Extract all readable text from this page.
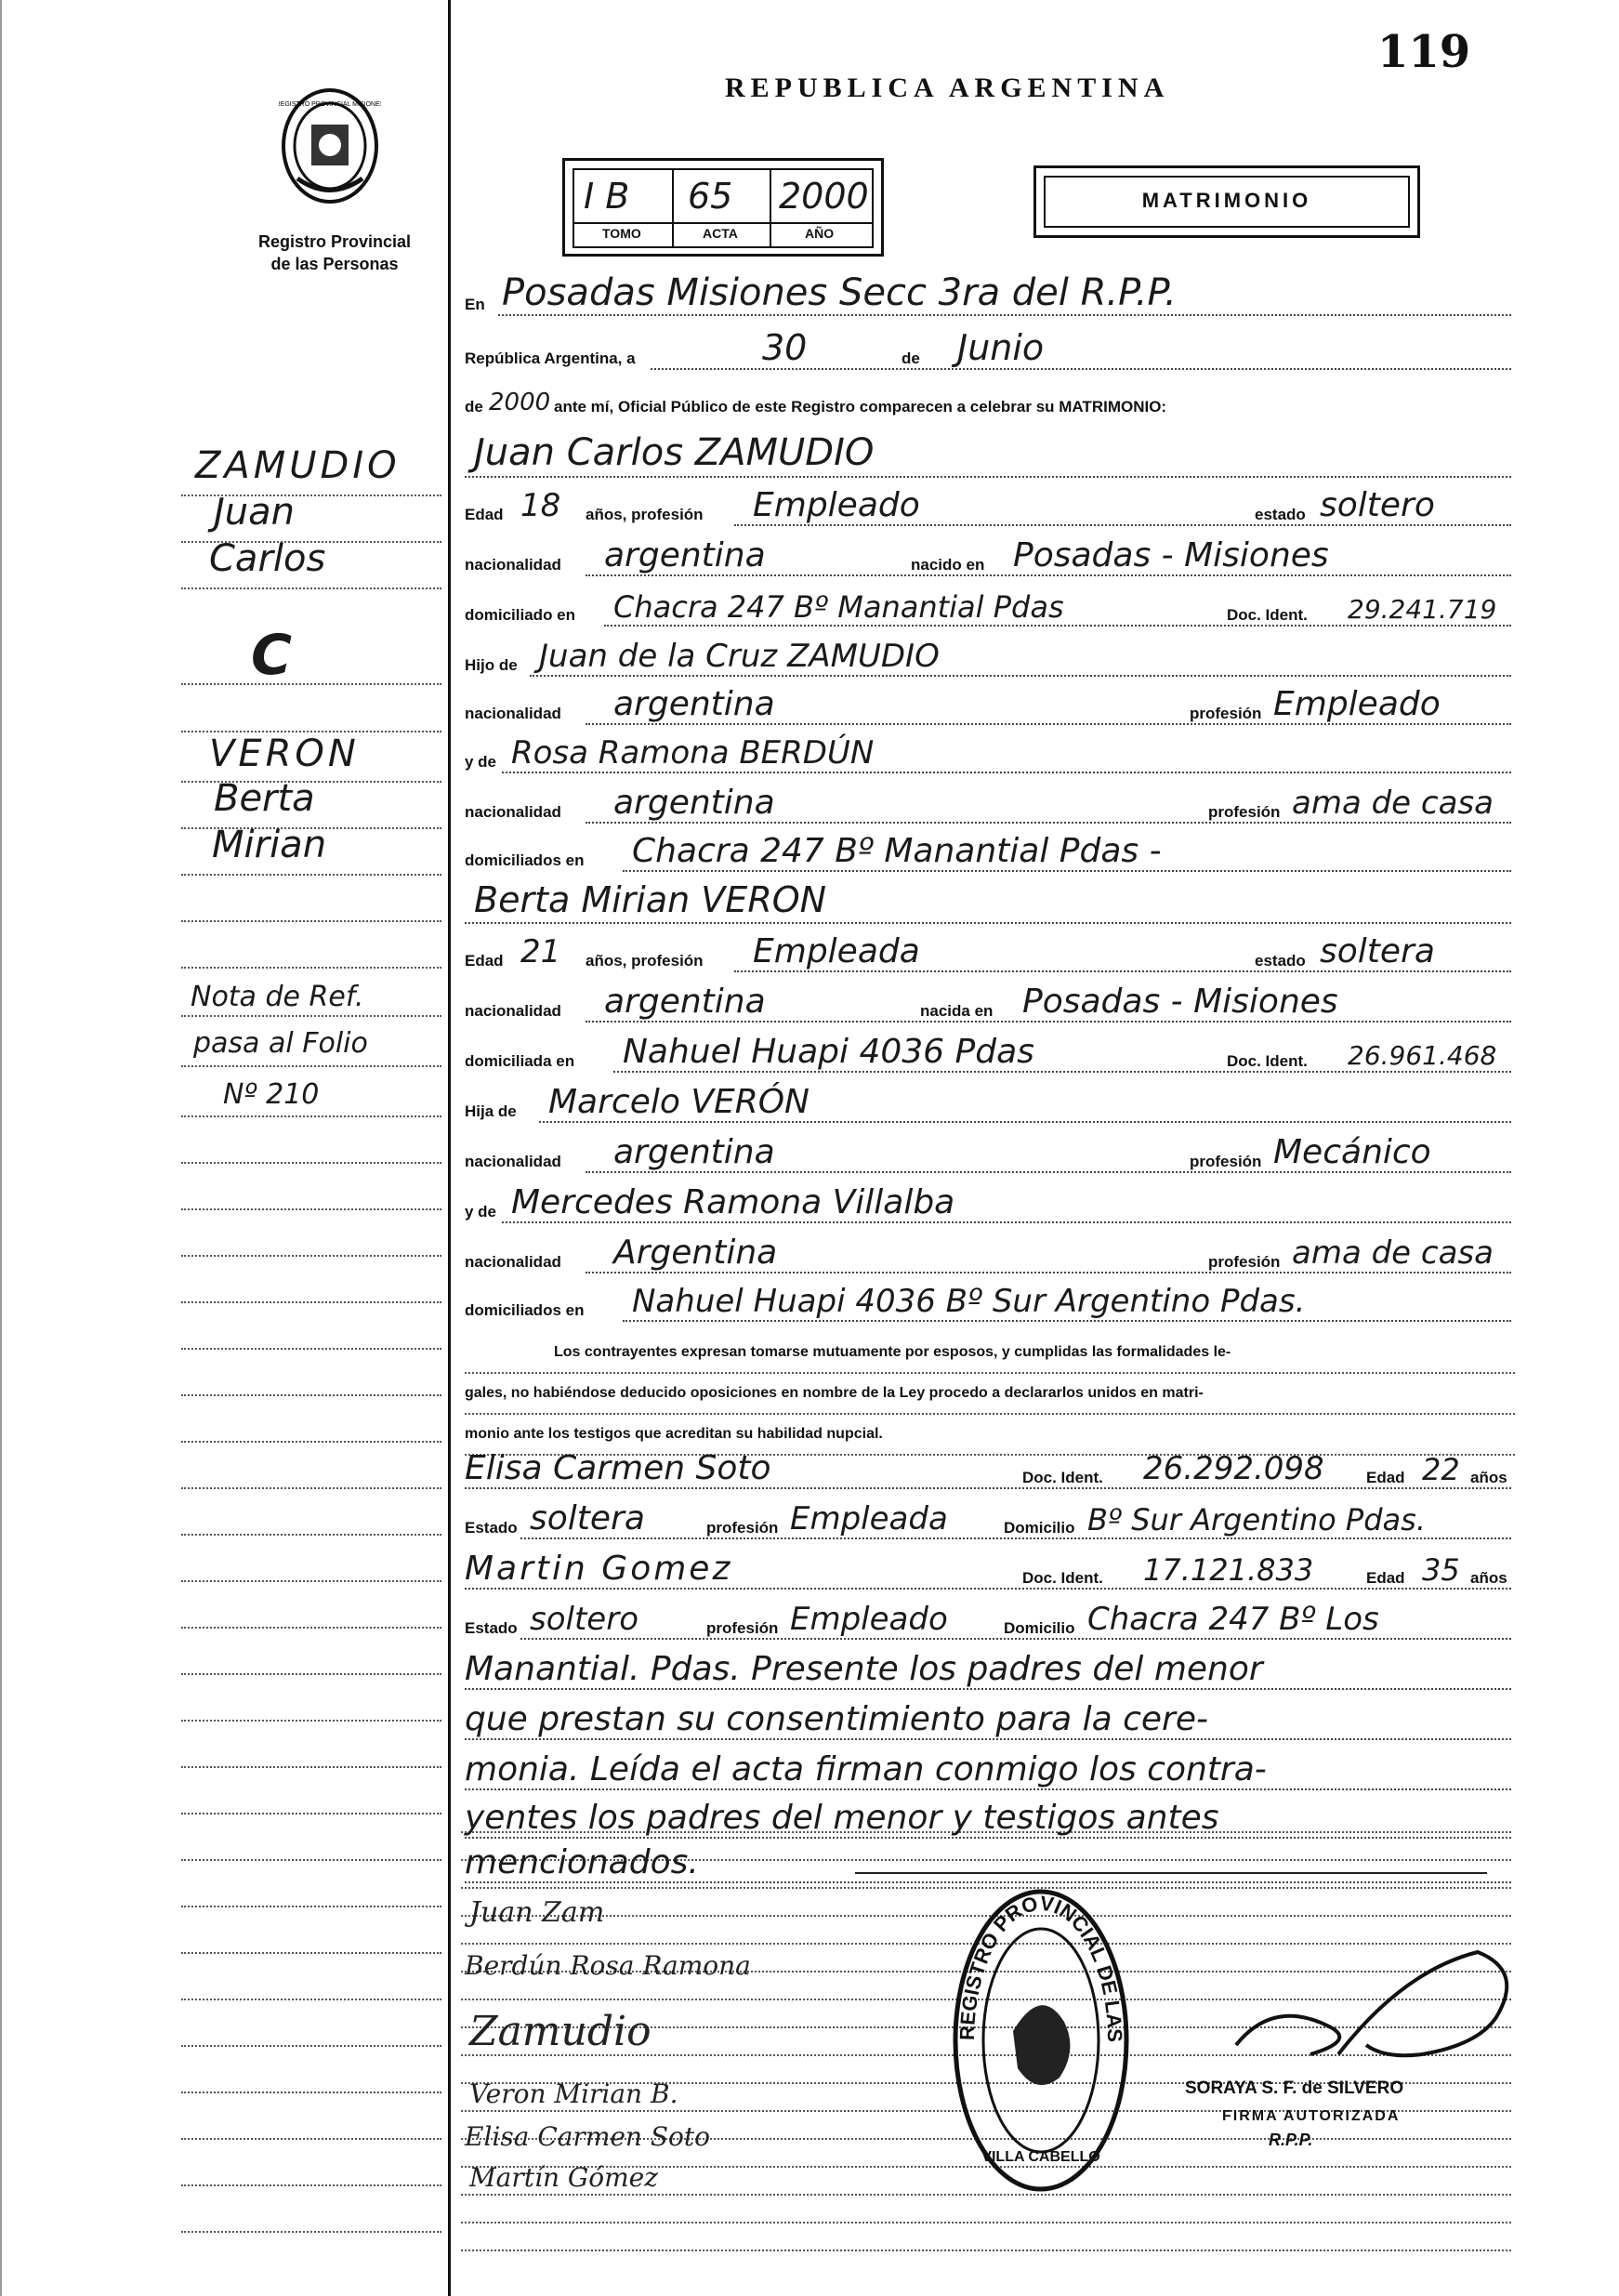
119
REPUBLICA ARGENTINA
REGISTRO PROVINCIAL MISIONES
Registro Provincial
de las Personas
I B 65 2000
TOMO	ACTA	AÑO
MATRIMONIO
ZAMUDIO
Juan
Carlos
C
VERON
Berta
Mirian
Nota de Ref.
pasa al Folio
Nº 210
En Posadas Misiones Secc 3ra del R.P.P.
República Argentina, a	30	de Junio
de 2000 ante mí, Oficial Público de este Registro comparecen a celebrar su MATRIMONIO:
Juan Carlos ZAMUDIO
Edad 18 años, profesión Empleado	estado soltero
nacionalidad argentina	nacido en Posadas - Misiones
domiciliado en Chacra 247 Bº Manantial Pdas	Doc. Ident. 29.241.719
Hijo de Juan de la Cruz ZAMUDIO
nacionalidad argentina	profesión Empleado
y de Rosa Ramona BERDÚN
nacionalidad argentina	profesión ama de casa
domiciliados en Chacra 247 Bº Manantial Pdas -
Berta Mirian VERON
Edad 21 años, profesión Empleada	estado soltera
nacionalidad argentina	nacida en Posadas - Misiones
domiciliada en Nahuel Huapi 4036 Pdas	Doc. Ident. 26.961.468
Hija de Marcelo VERÓN
nacionalidad argentina	profesión Mecánico
y de Mercedes Ramona Villalba
nacionalidad Argentina	profesión ama de casa
domiciliados en Nahuel Huapi 4036 Bº Sur Argentino Pdas.
Los contrayentes expresan tomarse mutuamente por esposos, y cumplidas las formalidades le-
gales, no habiéndose deducido oposiciones en nombre de la Ley procedo a declararlos unidos en matri-
monio ante los testigos que acreditan su habilidad nupcial.
Elisa Carmen Soto	Doc. Ident. 26.292.098	Edad 22 años
Estado soltera	profesión Empleada	Domicilio Bº Sur Argentino Pdas.
Martin Gomez	Doc. Ident. 17.121.833	Edad 35 años
Estado soltero	profesión Empleado	Domicilio Chacra 247 Bº Los
Manantial. Pdas. Presente los padres del menor
que prestan su consentimiento para la cere-
monia. Leída el acta firman conmigo los contra-
yentes los padres del menor y testigos antes
mencionados.
Juan Zam
Berdún Rosa Ramona
Zamudio
Veron Mirian B.
Elisa Carmen Soto
Martín Gómez
REGISTRO PROVINCIAL DE LAS
VILLA CABELLO
SORAYA S. F. de SILVERO
FIRMA AUTORIZADA
R.P.P.
